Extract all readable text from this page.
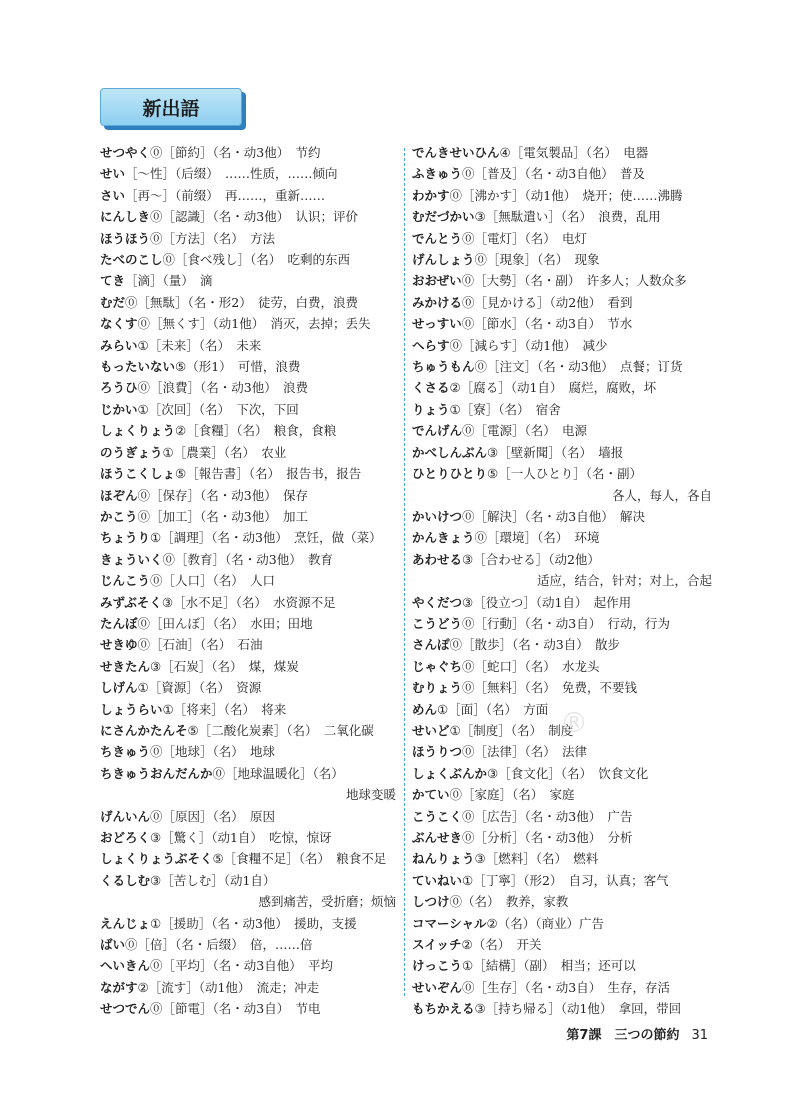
新出語
せつやく⓪［節約］（名・动3他）　节约
せい［～性］（后缀）　……性质，……倾向
さい［再～］（前缀）　再……，重新……
にんしき⓪［認識］（名・动3他）　认识；评价
ほうほう⓪［方法］（名）　方法
たべのこし⓪［食べ残し］（名）　吃剩的东西
てき［滴］（量）　滴
むだ⓪［無駄］（名・形2）　徒劳，白费，浪费
なくす⓪［無くす］（动1他）　消灭，去掉；丢失
みらい①［未来］（名）　未来
もったいない⑤（形1）　可惜，浪费
ろうひ⓪［浪費］（名・动3他）　浪费
じかい①［次回］（名）　下次，下回
しょくりょう②［食糧］（名）　粮食，食粮
のうぎょう①［農業］（名）　农业
ほうこくしょ⑤［報告書］（名）　报告书，报告
ほぞん⓪［保存］（名・动3他）　保存
かこう⓪［加工］（名・动3他）　加工
ちょうり①［調理］（名・动3他）　烹饪，做（菜）
きょういく⓪［教育］（名・动3他）　教育
じんこう⓪［人口］（名）　人口
みずぶそく③［水不足］（名）　水资源不足
たんぼ⓪［田んぼ］（名）　水田；田地
せきゆ⓪［石油］（名）　石油
せきたん③［石炭］（名）　煤，煤炭
しげん①［資源］（名）　资源
しょうらい①［将来］（名）　将来
にさんかたんそ⑤［二酸化炭素］（名）　二氧化碳
ちきゅう⓪［地球］（名）　地球
ちきゅうおんだんか⓪［地球温暖化］（名）
地球变暖
げんいん⓪［原因］（名）　原因
おどろく③［驚く］（动1自）　吃惊，惊讶
しょくりょうぶそく⑤［食糧不足］（名）　粮食不足
くるしむ③［苦しむ］（动1自）
感到痛苦，受折磨；烦恼
えんじょ①［援助］（名・动3他）　援助，支援
ばい⓪［倍］（名・后缀）　倍，……倍
へいきん⓪［平均］（名・动3自他）　平均
ながす②［流す］（动1他）　流走；冲走
せつでん⓪［節電］（名・动3自）　节电
でんきせいひん④［電気製品］（名）　电器
ふきゅう⓪［普及］（名・动3自他）　普及
わかす⓪［沸かす］（动1他）　烧开；使……沸腾
むだづかい③［無駄遣い］（名）　浪费，乱用
でんとう⓪［電灯］（名）　电灯
げんしょう⓪［現象］（名）　现象
おおぜい⓪［大勢］（名・副）　许多人；人数众多
みかける⓪［見かける］（动2他）　看到
せっすい⓪［節水］（名・动3自）　节水
へらす⓪［減らす］（动1他）　减少
ちゅうもん⓪［注文］（名・动3他）　点餐；订货
くさる②［腐る］（动1自）　腐烂，腐败，坏
りょう①［寮］（名）　宿舍
でんげん⓪［電源］（名）　电源
かべしんぶん③［壁新聞］（名）　墙报
ひとりひとり⑤［一人ひとり］（名・副）
各人，每人，各自
かいけつ⓪［解決］（名・动3自他）　解决
かんきょう⓪［環境］（名）　环境
あわせる③［合わせる］（动2他）
适应，结合，针对；对上，合起
やくだつ③［役立つ］（动1自）　起作用
こうどう⓪［行動］（名・动3自）　行动，行为
さんぽ⓪［散歩］（名・动3自）　散步
じゃぐち⓪［蛇口］（名）　水龙头
むりょう⓪［無料］（名）　免费，不要钱
めん①［面］（名）　方面
せいど①［制度］（名）　制度
ほうりつ⓪［法律］（名）　法律
しょくぶんか③［食文化］（名）　饮食文化
かてい⓪［家庭］（名）　家庭
こうこく⓪［広告］（名・动3他）　广告
ぶんせき⓪［分析］（名・动3他）　分析
ねんりょう③［燃料］（名）　燃料
ていねい①［丁寧］（形2）　自习，认真；客气
しつけ⓪（名）　教养，家教
コマーシャル②（名）（商业）广告
スイッチ②（名）　开关
けっこう①［結構］（副）　相当；还可以
せいぞん⓪［生存］（名・动3自）　生存，存活
もちかえる③［持ち帰る］（动1他）　拿回，带回
®
第7課　三つの節約 31
